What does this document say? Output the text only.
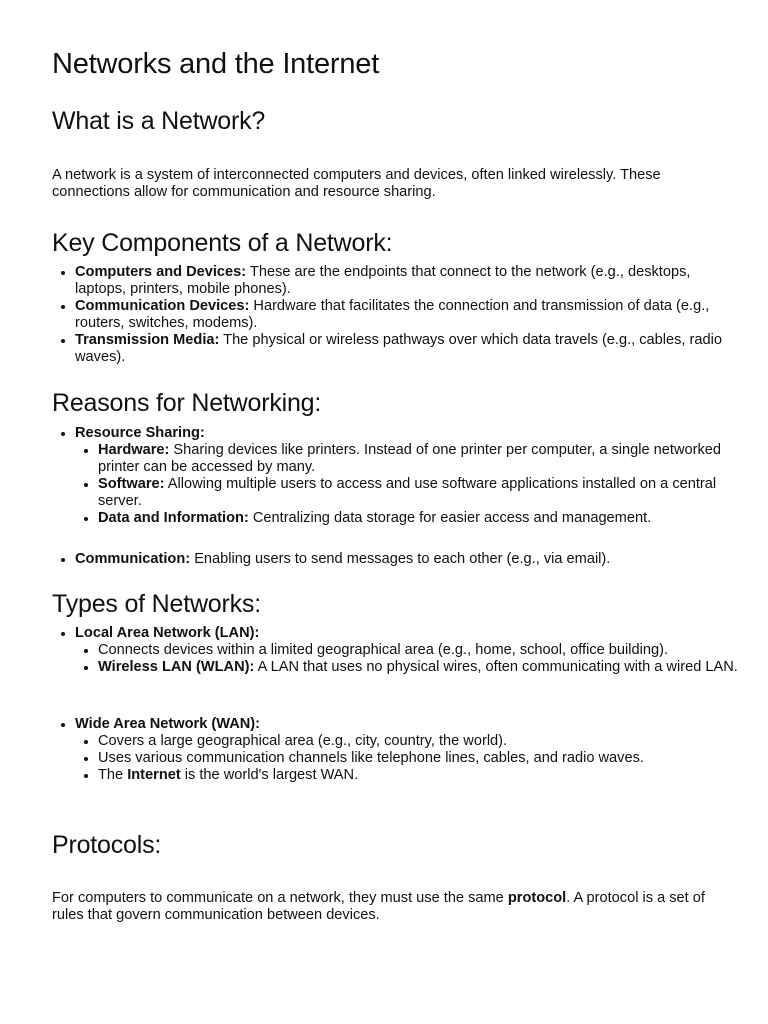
Networks and the Internet
What is a Network?

A network is a system of interconnected computers and devices, often linked wirelessly. These connections allow for communication and resource sharing.

Key Components of a Network:
• Computers and Devices: These are the endpoints that connect to the network (e.g., desktops, laptops, printers, mobile phones).
• Communication Devices: Hardware that facilitates the connection and transmission of data (e.g., routers, switches, modems).
• Transmission Media: The physical or wireless pathways over which data travels (e.g., cables, radio waves).
Reasons for Networking:
• Resource Sharing:
• Hardware: Sharing devices like printers. Instead of one printer per computer, a single networked printer can be accessed by many.
• Software: Allowing multiple users to access and use software applications installed on a central server.
• Data and Information: Centralizing data storage for easier access and management.
• Communication: Enabling users to send messages to each other (e.g., via email).
Types of Networks:
• Local Area Network (LAN):
• Connects devices within a limited geographical area (e.g., home, school, office building).
• Wireless LAN (WLAN): A LAN that uses no physical wires, often communicating with a wired LAN.
• Wide Area Network (WAN):
• Covers a large geographical area (e.g., city, country, the world).
• Uses various communication channels like telephone lines, cables, and radio waves.
• The Internet is the world's largest WAN.
Protocols:

For computers to communicate on a network, they must use the same protocol. A protocol is a set of rules that govern communication between devices.
